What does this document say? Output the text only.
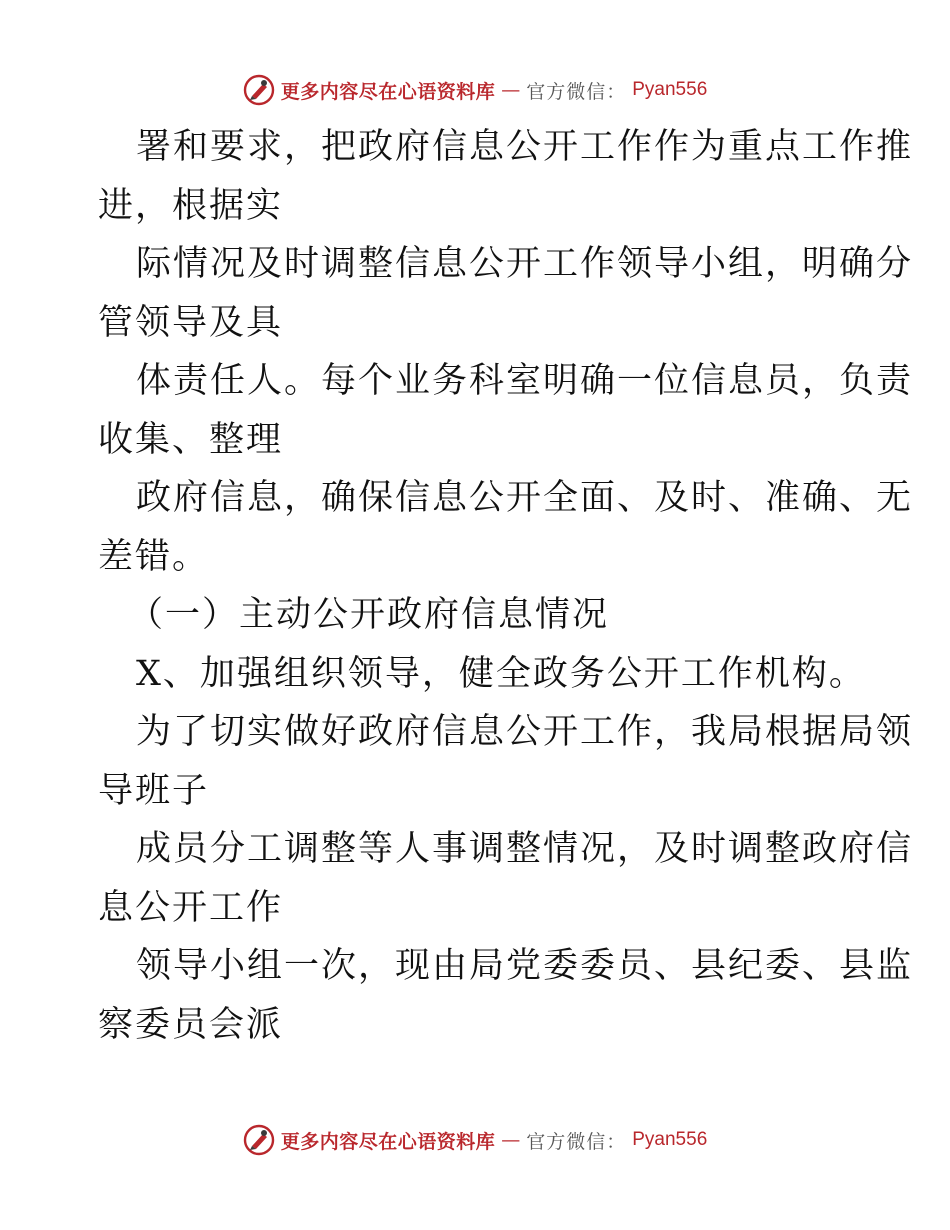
更多内容尽在心语资料库 — 官方微信： Pyan556
署和要求，把政府信息公开工作作为重点工作推
进，根据实
际情况及时调整信息公开工作领导小组，明确分
管领导及具
体责任人。每个业务科室明确一位信息员，负责
收集、整理
政府信息，确保信息公开全面、及时、准确、无
差错。
（一）主动公开政府信息情况
X、加强组织领导，健全政务公开工作机构。
为了切实做好政府信息公开工作，我局根据局领
导班子
成员分工调整等人事调整情况，及时调整政府信
息公开工作
领导小组一次，现由局党委委员、县纪委、县监
察委员会派
更多内容尽在心语资料库 — 官方微信： Pyan556
